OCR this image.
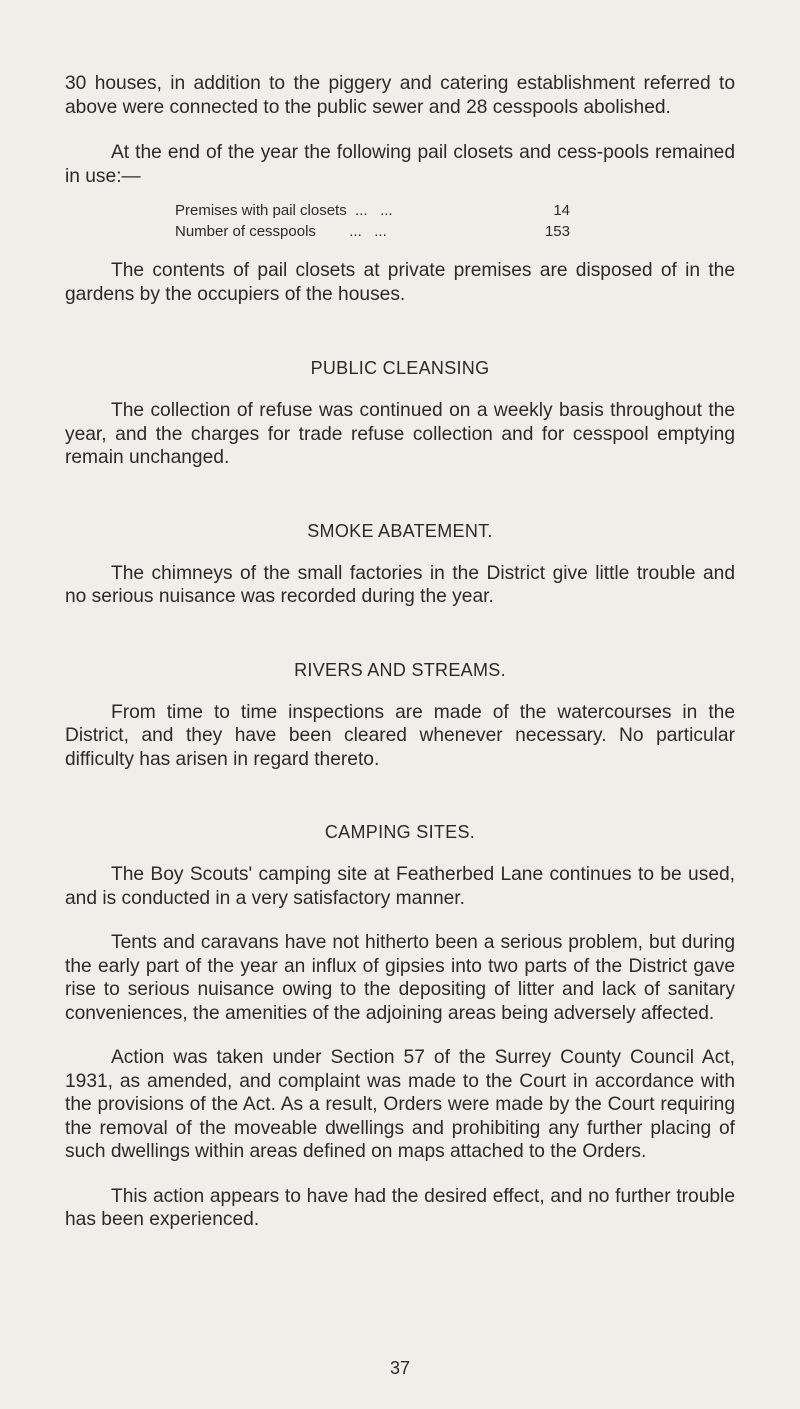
30 houses, in addition to the piggery and catering establishment referred to above were connected to the public sewer and 28 cesspools abolished.

At the end of the year the following pail closets and cess-pools remained in use:—

Premises with pail closets  ...   ...	14
Number of cesspools        ...   ...	153

The contents of pail closets at private premises are disposed of in the gardens by the occupiers of the houses.

PUBLIC CLEANSING

The collection of refuse was continued on a weekly basis throughout the year, and the charges for trade refuse collection and for cesspool emptying remain unchanged.

SMOKE ABATEMENT.

The chimneys of the small factories in the District give little trouble and no serious nuisance was recorded during the year.

RIVERS AND STREAMS.

From time to time inspections are made of the watercourses in the District, and they have been cleared whenever necessary. No particular difficulty has arisen in regard thereto.

CAMPING SITES.

The Boy Scouts' camping site at Featherbed Lane continues to be used, and is conducted in a very satisfactory manner.

Tents and caravans have not hitherto been a serious problem, but during the early part of the year an influx of gipsies into two parts of the District gave rise to serious nuisance owing to the depositing of litter and lack of sanitary conveniences, the amenities of the adjoining areas being adversely affected.

Action was taken under Section 57 of the Surrey County Council Act, 1931, as amended, and complaint was made to the Court in accordance with the provisions of the Act. As a result, Orders were made by the Court requiring the removal of the moveable dwellings and prohibiting any further placing of such dwellings within areas defined on maps attached to the Orders.

This action appears to have had the desired effect, and no further trouble has been experienced.

37
